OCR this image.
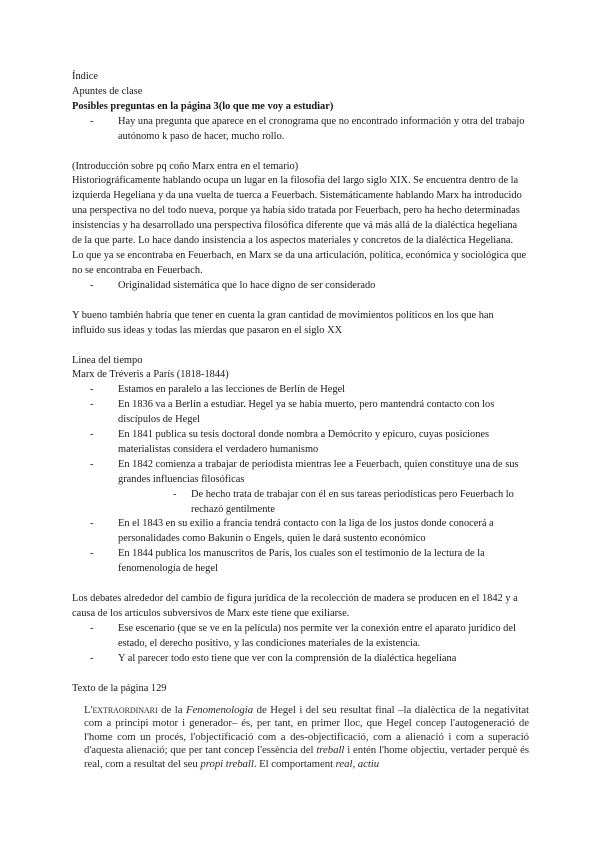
Índice

Apuntes de clase

Posibles preguntas en la página 3(lo que me voy a estudiar)

- Hay una pregunta que aparece en el cronograma que no encontrado información y otra del trabajo autónomo k paso de hacer, mucho rollo.

(Introducción sobre pq coño Marx entra en el temario)

Historiográficamente hablando ocupa un lugar en la filosofía del largo siglo XIX. Se encuentra dentro de la izquierda Hegeliana y da una vuelta de tuerca a Feuerbach. Sistemáticamente hablando Marx ha introducido una perspectiva no del todo nueva, porque ya había sido tratada por Feuerbach, pero ha hecho determinadas insistencias y ha desarrollado una perspectiva filosófica diferente que vá más allá de la dialéctica hegeliana de la que parte. Lo hace dando insistencia a los aspectos materiales y concretos de la dialéctica Hegeliana. Lo que ya se encontraba en Feuerbach, en Marx se da una articulación, política, económica y sociológica que no se encontraba en Feuerbach.

- Originalidad sistemática que lo hace digno de ser considerado

Y bueno también habría que tener en cuenta la gran cantidad de movimientos políticos en los que han influido sus ideas y todas las mierdas que pasaron en el siglo XX

Linea del tiempo

Marx de Tréveris a París (1818-1844)

- Estamos en paralelo a las lecciones de Berlín de Hegel
- En 1836 va a Berlín a estudiar. Hegel ya se había muerto, pero mantendrá contacto con los discípulos de Hegel
- En 1841 publica su tesis doctoral donde nombra a Demócrito y epicuro, cuyas posiciones materialistas considera el verdadero humanismo
- En 1842 comienza a trabajar de periodista mientras lee a Feuerbach, quien constituye una de sus grandes influencias filosóficas
- De hecho trata de trabajar con él en sus tareas periodísticas pero Feuerbach lo rechazó gentilmente
- En el 1843 en su exilio a francia tendrá contacto con la liga de los justos donde conocerá a personalidades como Bakunin o Engels, quien le dará sustento económico
- En 1844 publica los manuscritos de París, los cuales son el testimonio de la lectura de la fenomenología de hegel

Los debates alrededor del cambio de figura jurídica de la recolección de madera se producen en el 1842 y a causa de los artículos subversivos de Marx este tiene que exiliarse.

- Ese escenario (que se ve en la película) nos permite ver la conexión entre el aparato jurídico del estado, el derecho positivo, y las condiciones materiales de la existencia.
- Y al parecer todo esto tiene que ver con la comprensión de la dialéctica hegeliana

Texto de la página 129

L'extraordinari de la Fenomenologia de Hegel i del seu resultat final –la dialèctica de la negativitat com a principi motor i generador– és, per tant, en primer lloc, que Hegel concep l'autogeneració de l'home com un procés, l'objectificació com a des-objectificació, com a alienació i com a superació d'aquesta alienació; que per tant concep l'essència del treball i entén l'home objectiu, vertader perquè és real, com a resultat del seu propi treball. El comportament real, actiu
